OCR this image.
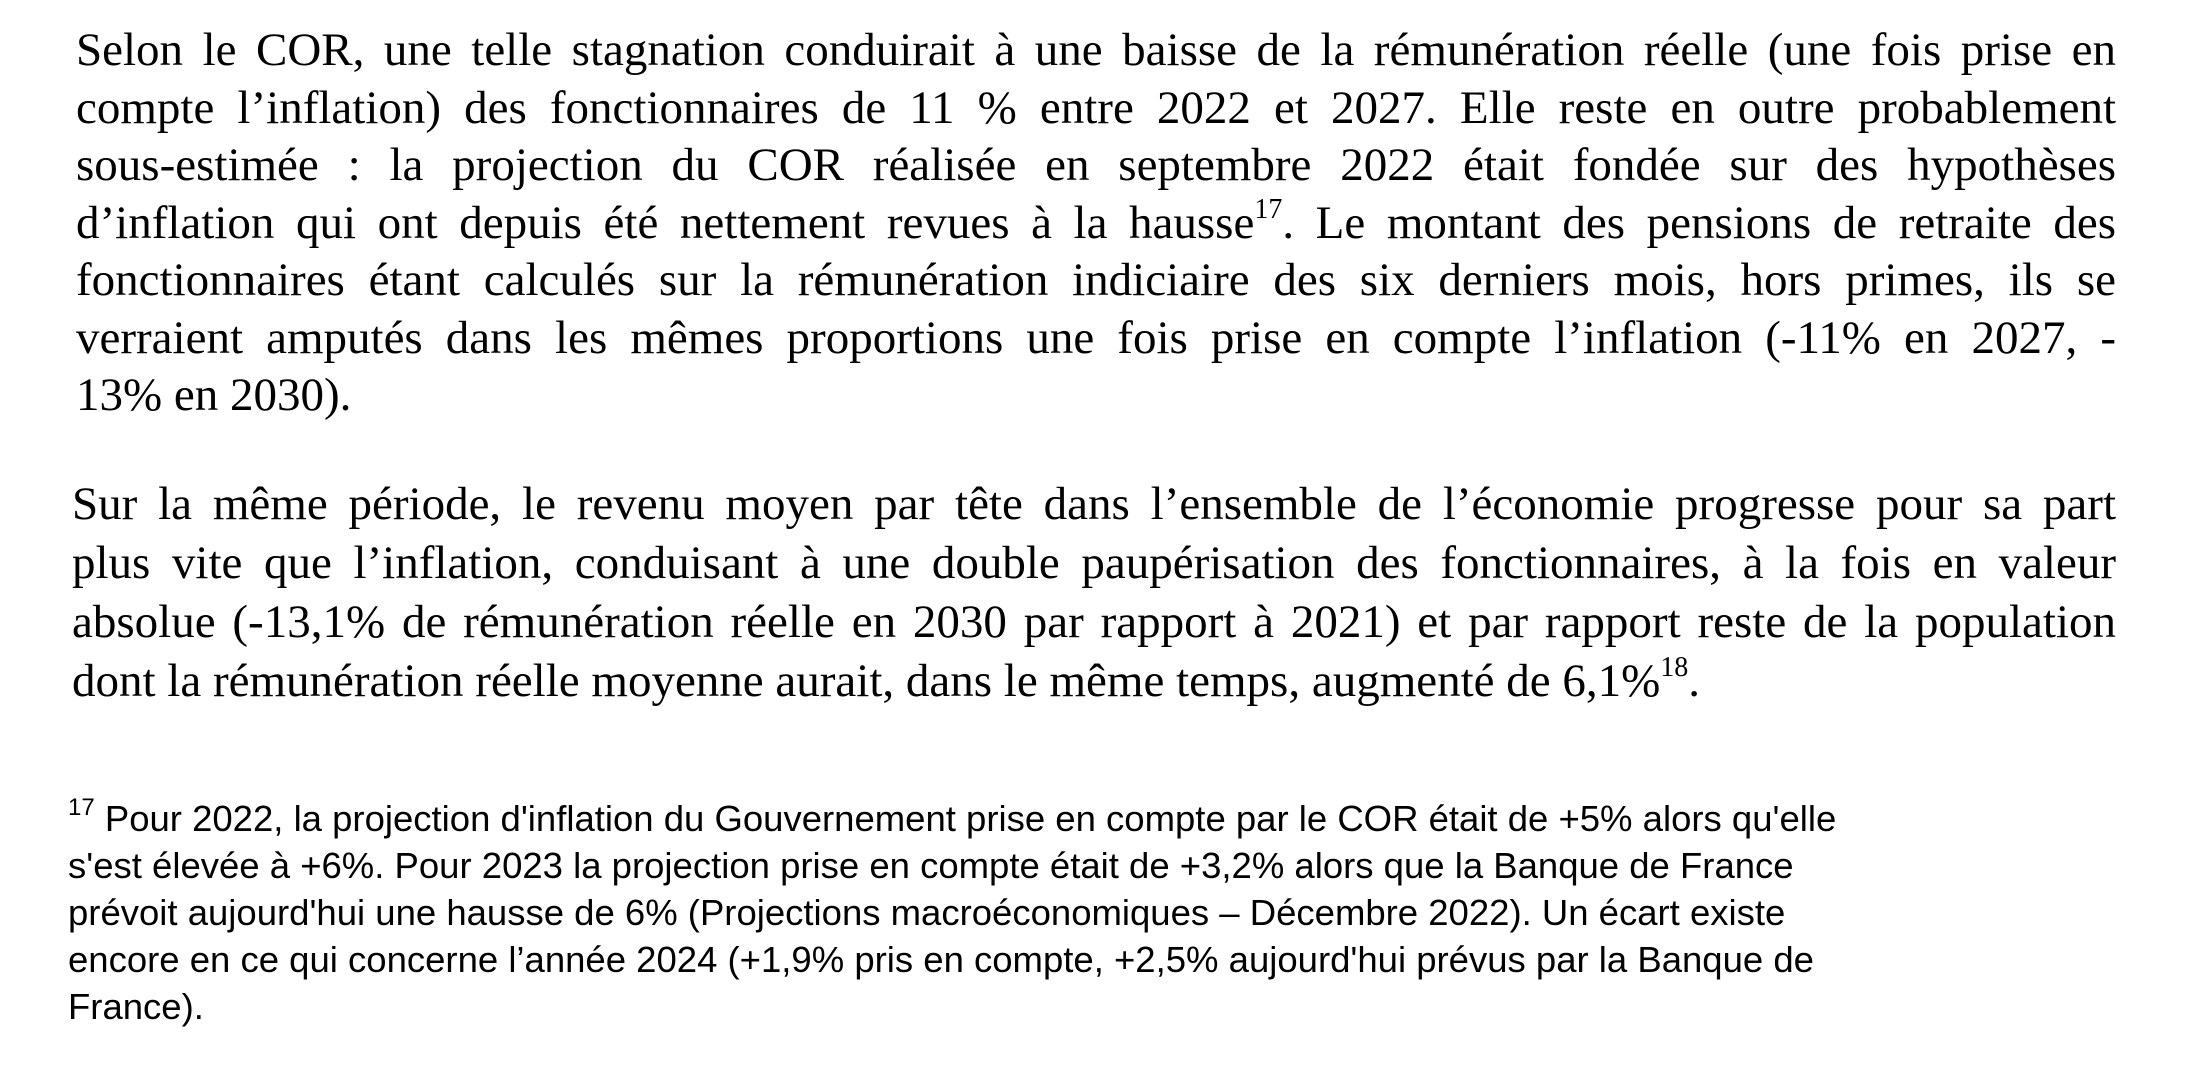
Selon le COR, une telle stagnation conduirait à une baisse de la rémunération réelle (une fois prise en
compte l’inflation) des fonctionnaires de 11 % entre 2022 et 2027. Elle reste en outre probablement
sous-estimée : la projection du COR réalisée en septembre 2022 était fondée sur des hypothèses
d’inflation qui ont depuis été nettement revues à la hausse$^{17}$. Le montant des pensions de retraite des
fonctionnaires étant calculés sur la rémunération indiciaire des six derniers mois, hors primes, ils se
verraient amputés dans les mêmes proportions une fois prise en compte l’inflation (-11% en 2027, -
13% en 2030).

Sur la même période, le revenu moyen par tête dans l’ensemble de l’économie progresse pour sa part
plus vite que l’inflation, conduisant à une double paupérisation des fonctionnaires, à la fois en valeur
absolue (-13,1% de rémunération réelle en 2030 par rapport à 2021) et par rapport reste de la population
dont la rémunération réelle moyenne aurait, dans le même temps, augmenté de 6,1%$^{18}$.

$^{17}$ Pour 2022, la projection d'inflation du Gouvernement prise en compte par le COR était de +5% alors qu'elle
s'est élevée à +6%. Pour 2023 la projection prise en compte était de +3,2% alors que la Banque de France
prévoit aujourd'hui une hausse de 6% (Projections macroéconomiques – Décembre 2022). Un écart existe
encore en ce qui concerne l’année 2024 (+1,9% pris en compte, +2,5% aujourd'hui prévus par la Banque de
France).
